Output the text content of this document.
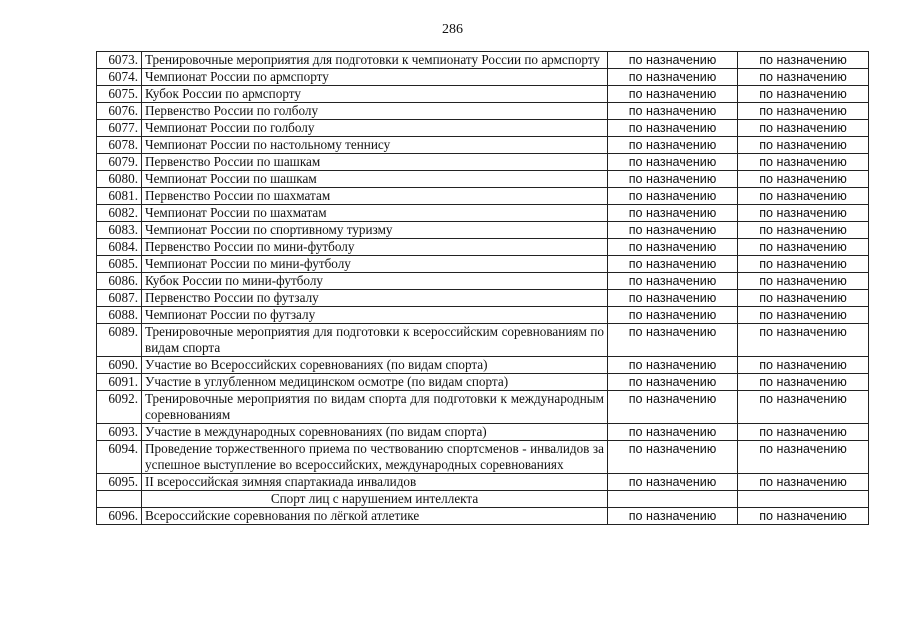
286
6073.	Тренировочные мероприятия для подготовки к чемпионату России по армспорту	по назначению	по назначению
6074.	Чемпионат России по армспорту	по назначению	по назначению
6075.	Кубок России по армспорту	по назначению	по назначению
6076.	Первенство России по голболу	по назначению	по назначению
6077.	Чемпионат России по голболу	по назначению	по назначению
6078.	Чемпионат России по настольному теннису	по назначению	по назначению
6079.	Первенство России по шашкам	по назначению	по назначению
6080.	Чемпионат России по шашкам	по назначению	по назначению
6081.	Первенство России по шахматам	по назначению	по назначению
6082.	Чемпионат России по шахматам	по назначению	по назначению
6083.	Чемпионат России по спортивному туризму	по назначению	по назначению
6084.	Первенство России по мини-футболу	по назначению	по назначению
6085.	Чемпионат России по мини-футболу	по назначению	по назначению
6086.	Кубок России по мини-футболу	по назначению	по назначению
6087.	Первенство России по футзалу	по назначению	по назначению
6088.	Чемпионат России по футзалу	по назначению	по назначению
6089.	Тренировочные мероприятия для подготовки к всероссийским соревнованиям по видам спорта	по назначению	по назначению
6090.	Участие во Всероссийских соревнованиях (по видам спорта)	по назначению	по назначению
6091.	Участие в углубленном медицинском осмотре (по видам спорта)	по назначению	по назначению
6092.	Тренировочные мероприятия по видам спорта для подготовки к международным соревнованиям	по назначению	по назначению
6093.	Участие в международных соревнованиях (по видам спорта)	по назначению	по назначению
6094.	Проведение торжественного приема по чествованию спортсменов - инвалидов за успешное выступление во всероссийских, международных соревнованиях	по назначению	по назначению
6095.	II всероссийская зимняя спартакиада инвалидов	по назначению	по назначению
	Спорт лиц с нарушением интеллекта		
6096.	Всероссийские соревнования по лёгкой атлетике	по назначению	по назначению
